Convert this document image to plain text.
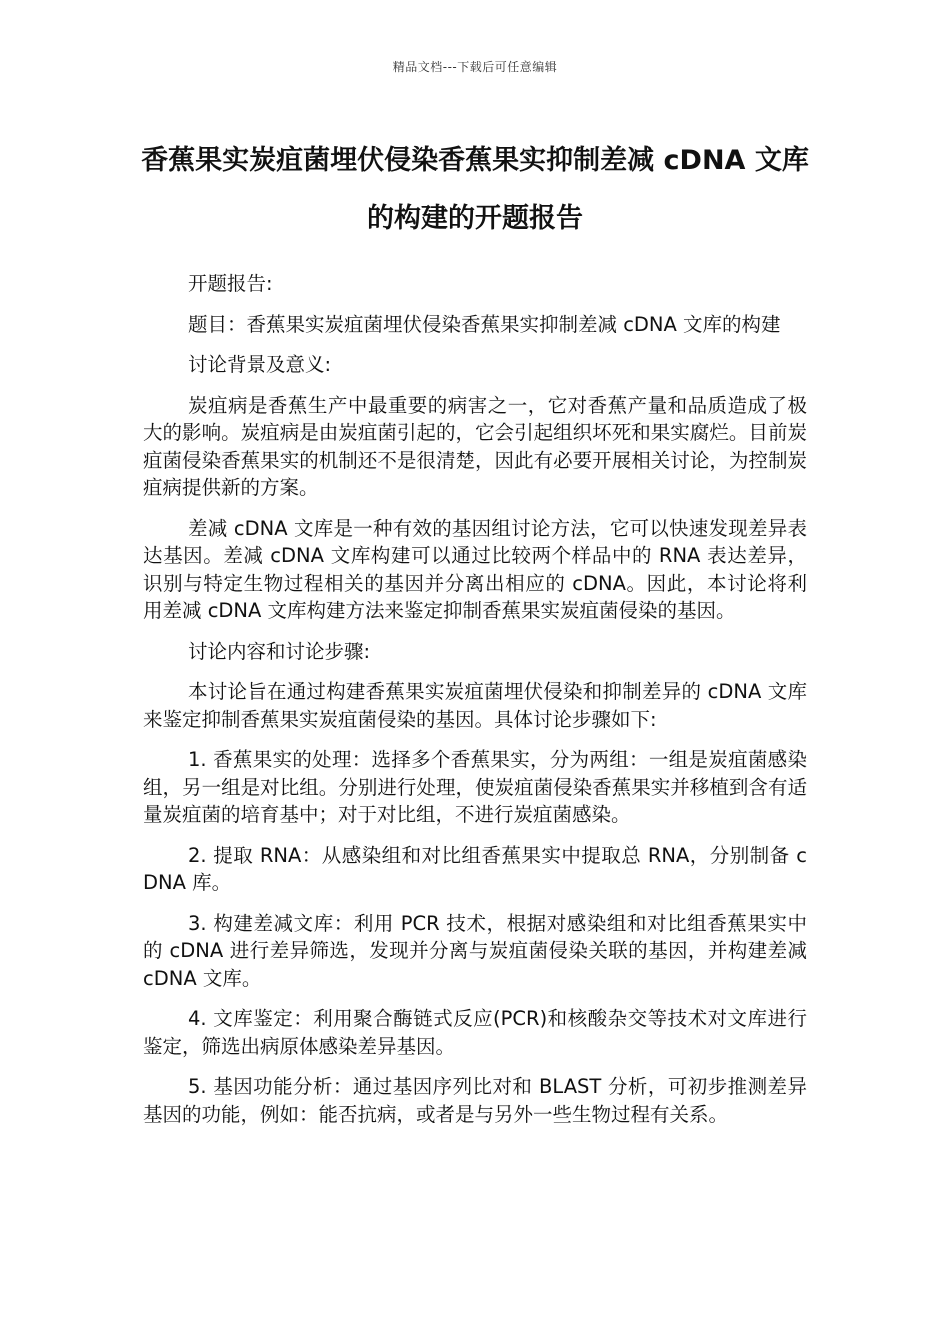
精品文档---下载后可任意编辑
香蕉果实炭疽菌埋伏侵染香蕉果实抑制差减 cDNA 文库的构建的开题报告

开题报告:

题目：香蕉果实炭疽菌埋伏侵染香蕉果实抑制差减 cDNA 文库的构建

讨论背景及意义:

炭疽病是香蕉生产中最重要的病害之一，它对香蕉产量和品质造成了极大的影响。炭疽病是由炭疽菌引起的，它会引起组织坏死和果实腐烂。目前炭疽菌侵染香蕉果实的机制还不是很清楚，因此有必要开展相关讨论，为控制炭疽病提供新的方案。

差减 cDNA 文库是一种有效的基因组讨论方法，它可以快速发现差异表达基因。差减 cDNA 文库构建可以通过比较两个样品中的 RNA 表达差异，识别与特定生物过程相关的基因并分离出相应的 cDNA。因此，本讨论将利用差减 cDNA 文库构建方法来鉴定抑制香蕉果实炭疽菌侵染的基因。

讨论内容和讨论步骤:

本讨论旨在通过构建香蕉果实炭疽菌埋伏侵染和抑制差异的 cDNA 文库来鉴定抑制香蕉果实炭疽菌侵染的基因。具体讨论步骤如下:

1. 香蕉果实的处理：选择多个香蕉果实，分为两组：一组是炭疽菌感染组，另一组是对比组。分别进行处理，使炭疽菌侵染香蕉果实并移植到含有适量炭疽菌的培育基中；对于对比组，不进行炭疽菌感染。

2. 提取 RNA：从感染组和对比组香蕉果实中提取总 RNA，分别制备 cDNA 库。

3. 构建差减文库：利用 PCR 技术，根据对感染组和对比组香蕉果实中的 cDNA 进行差异筛选，发现并分离与炭疽菌侵染关联的基因，并构建差减 cDNA 文库。

4. 文库鉴定：利用聚合酶链式反应(PCR)和核酸杂交等技术对文库进行鉴定，筛选出病原体感染差异基因。

5. 基因功能分析：通过基因序列比对和 BLAST 分析，可初步推测差异基因的功能，例如：能否抗病，或者是与另外一些生物过程有关系。
